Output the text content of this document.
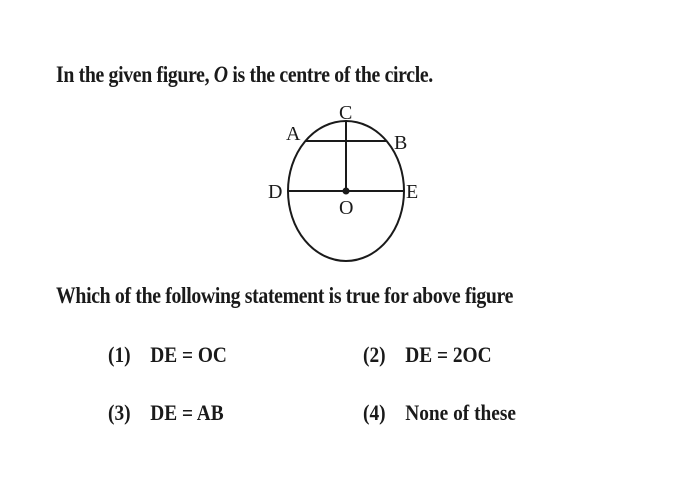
In the given figure, O is the centre of the circle.
C
A	B
D	E
O
Which of the following statement is true for above figure
(1) DE = OC	(2) DE = 2OC
(3) DE = AB	(4) None of these
